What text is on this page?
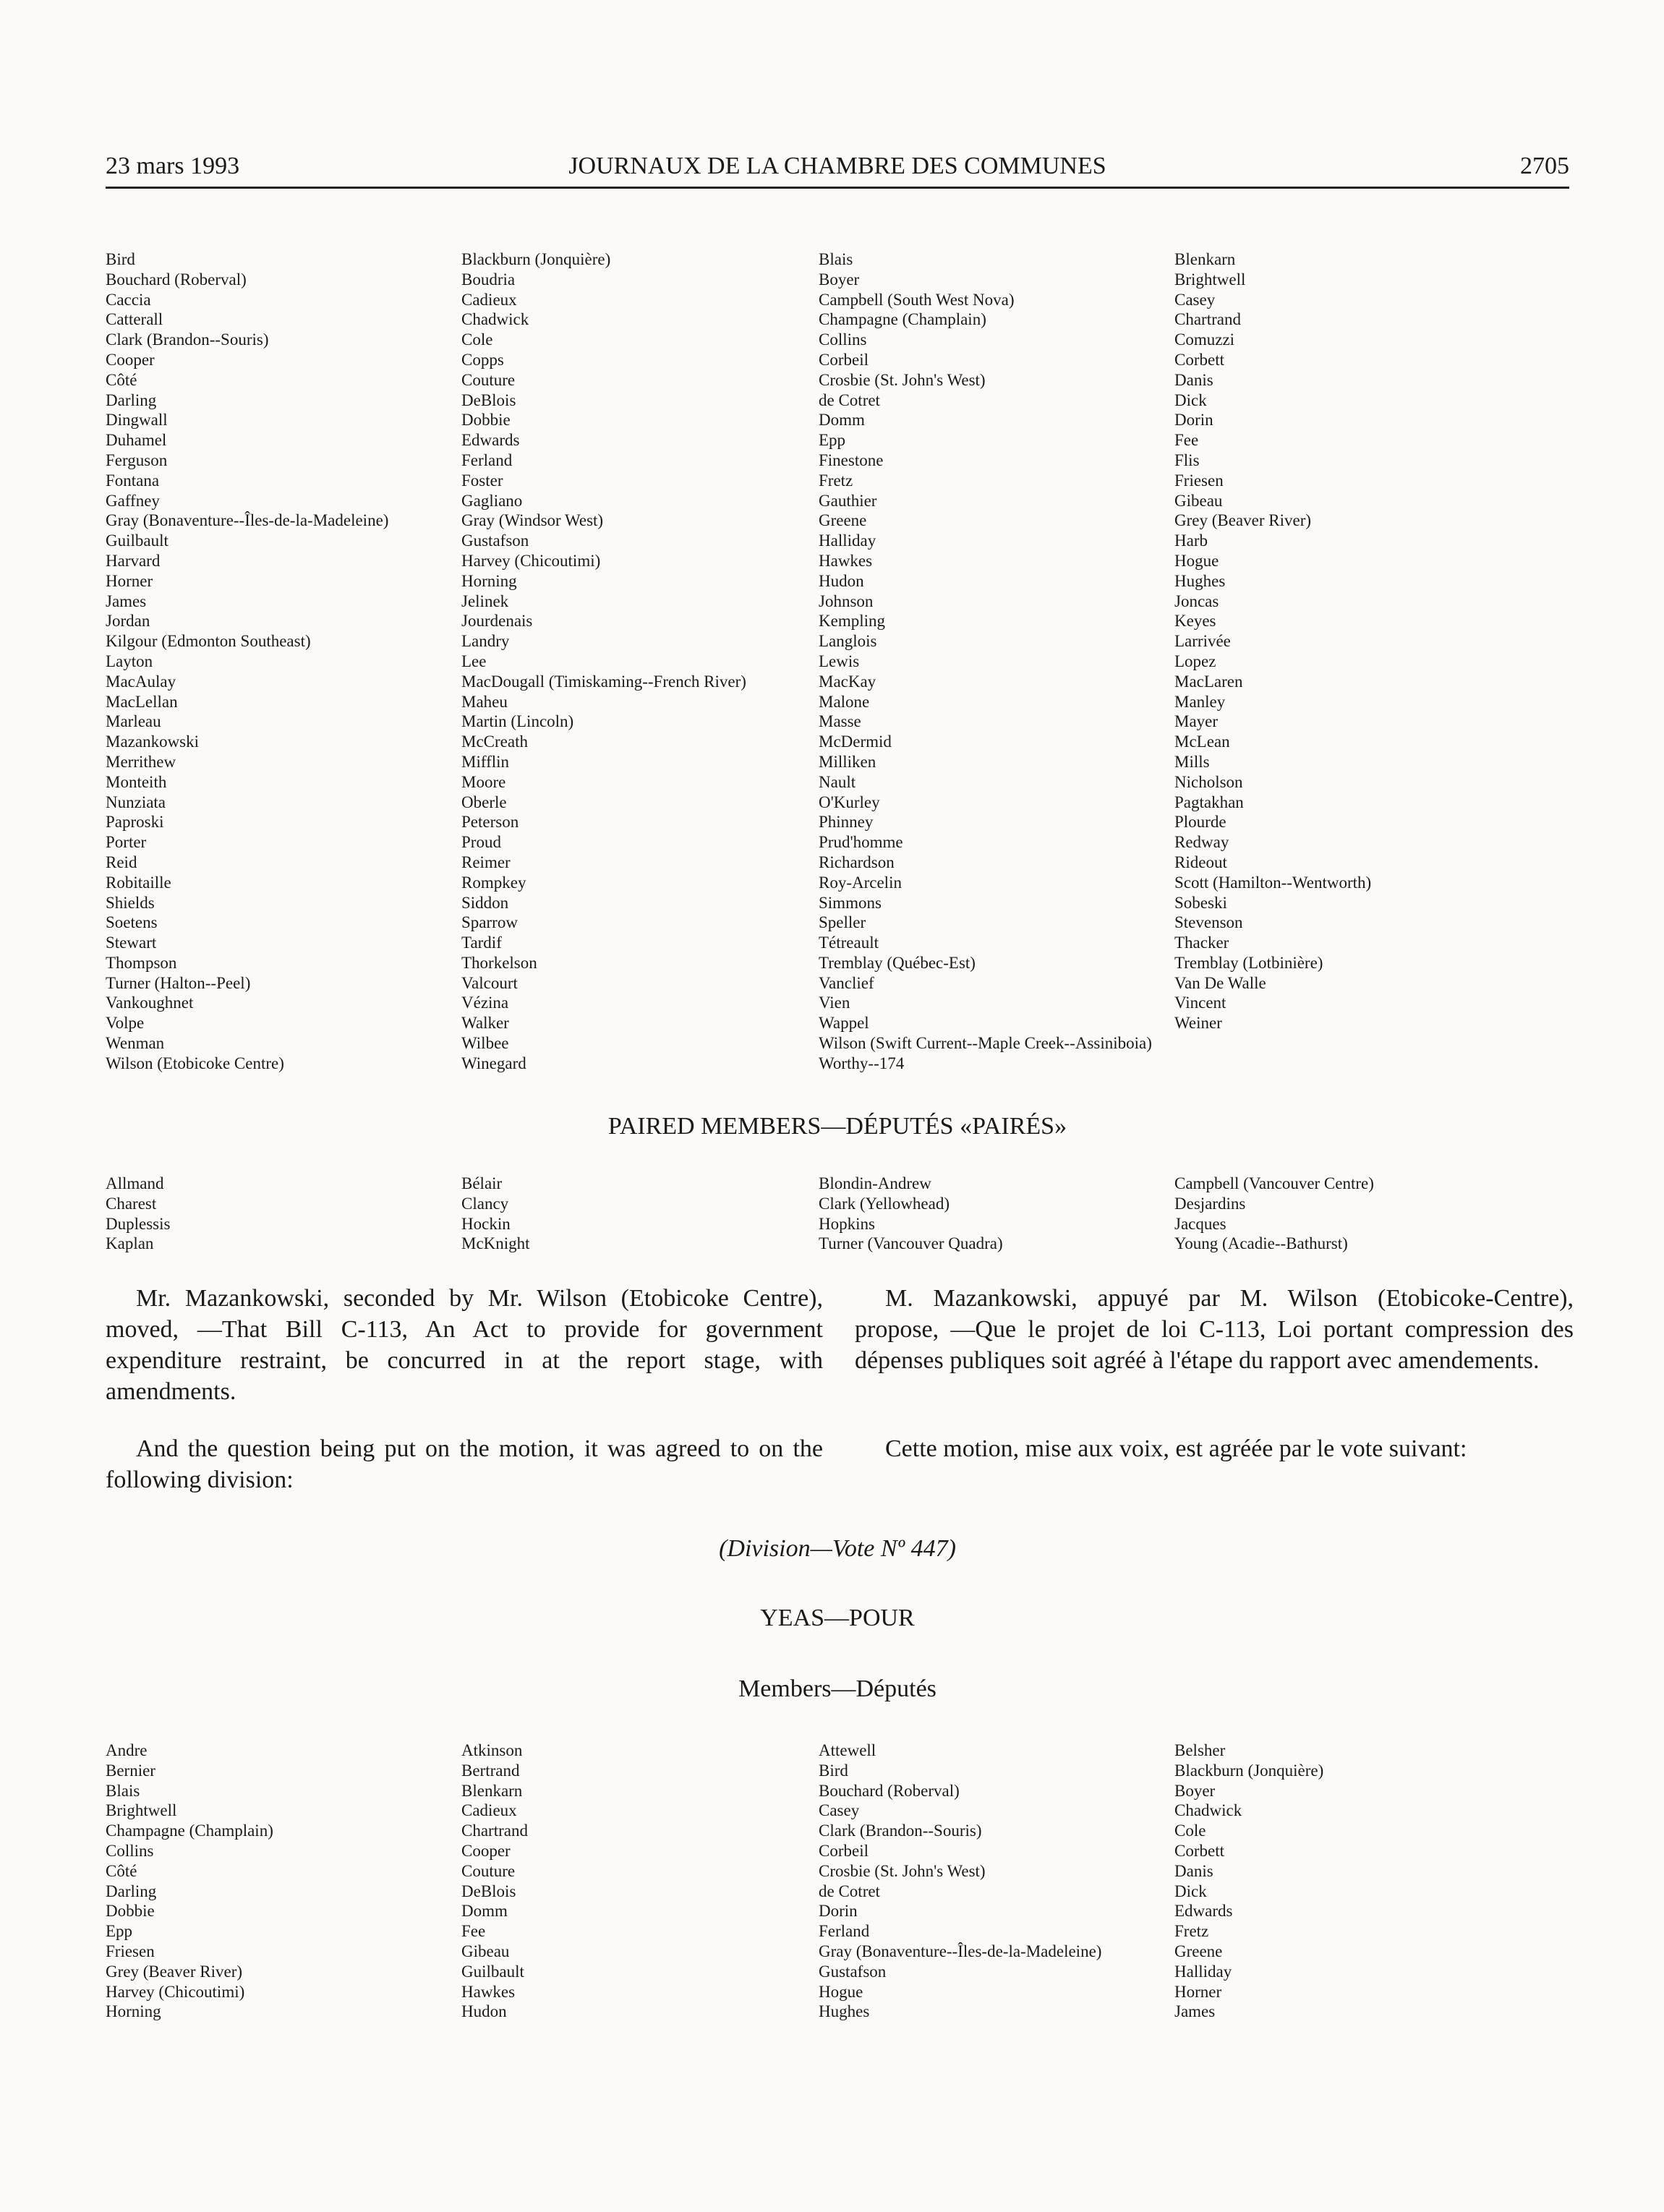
JOURNAUX DE LA CHAMBRE DES COMMUNES
23 mars 1993	2705
Bird
Bouchard (Roberval)
Caccia
Catterall
Clark (Brandon--Souris)
Cooper
Côté
Darling
Dingwall
Duhamel
Ferguson
Fontana
Gaffney
Gray (Bonaventure--Îles-de-la-Madeleine)
Guilbault
Harvard
Horner
James
Jordan
Kilgour (Edmonton Southeast)
Layton
MacAulay
MacLellan
Marleau
Mazankowski
Merrithew
Monteith
Nunziata
Paproski
Porter
Reid
Robitaille
Shields
Soetens
Stewart
Thompson
Turner (Halton--Peel)
Vankoughnet
Volpe
Wenman
Wilson (Etobicoke Centre)
Blackburn (Jonquière)
Boudria
Cadieux
Chadwick
Cole
Copps
Couture
DeBlois
Dobbie
Edwards
Ferland
Foster
Gagliano
Gray (Windsor West)
Gustafson
Harvey (Chicoutimi)
Horning
Jelinek
Jourdenais
Landry
Lee
MacDougall (Timiskaming--French River)
Maheu
Martin (Lincoln)
McCreath
Mifflin
Moore
Oberle
Peterson
Proud
Reimer
Rompkey
Siddon
Sparrow
Tardif
Thorkelson
Valcourt
Vézina
Walker
Wilbee
Winegard
Blais
Boyer
Campbell (South West Nova)
Champagne (Champlain)
Collins
Corbeil
Crosbie (St. John's West)
de Cotret
Domm
Epp
Finestone
Fretz
Gauthier
Greene
Halliday
Hawkes
Hudon
Johnson
Kempling
Langlois
Lewis
MacKay
Malone
Masse
McDermid
Milliken
Nault
O'Kurley
Phinney
Prud'homme
Richardson
Roy-Arcelin
Simmons
Speller
Tétreault
Tremblay (Québec-Est)
Vanclief
Vien
Wappel
Wilson (Swift Current--Maple Creek--Assiniboia)
Worthy--174
Blenkarn
Brightwell
Casey
Chartrand
Comuzzi
Corbett
Danis
Dick
Dorin
Fee
Flis
Friesen
Gibeau
Grey (Beaver River)
Harb
Hogue
Hughes
Joncas
Keyes
Larrivée
Lopez
MacLaren
Manley
Mayer
McLean
Mills
Nicholson
Pagtakhan
Plourde
Redway
Rideout
Scott (Hamilton--Wentworth)
Sobeski
Stevenson
Thacker
Tremblay (Lotbinière)
Van De Walle
Vincent
Weiner
PAIRED MEMBERS—DÉPUTÉS «PAIRÉS»
Allmand
Charest
Duplessis
Kaplan
Bélair
Clancy
Hockin
McKnight
Blondin-Andrew
Clark (Yellowhead)
Hopkins
Turner (Vancouver Quadra)
Campbell (Vancouver Centre)
Desjardins
Jacques
Young (Acadie--Bathurst)

Mr. Mazankowski, seconded by Mr. Wilson (Etobicoke Centre), moved, —That Bill C-113, An Act to provide for government expenditure restraint, be concurred in at the report stage, with amendments.

M. Mazankowski, appuyé par M. Wilson (Etobicoke-Centre), propose, —Que le projet de loi C-113, Loi portant compression des dépenses publiques soit agréé à l'étape du rapport avec amendements.

And the question being put on the motion, it was agreed to on the following division:

Cette motion, mise aux voix, est agréée par le vote suivant:

(Division—Vote Nº 447)
YEAS—POUR
Members—Députés
Andre
Bernier
Blais
Brightwell
Champagne (Champlain)
Collins
Côté
Darling
Dobbie
Epp
Friesen
Grey (Beaver River)
Harvey (Chicoutimi)
Horning
Atkinson
Bertrand
Blenkarn
Cadieux
Chartrand
Cooper
Couture
DeBlois
Domm
Fee
Gibeau
Guilbault
Hawkes
Hudon
Attewell
Bird
Bouchard (Roberval)
Casey
Clark (Brandon--Souris)
Corbeil
Crosbie (St. John's West)
de Cotret
Dorin
Ferland
Gray (Bonaventure--Îles-de-la-Madeleine)
Gustafson
Hogue
Hughes
Belsher
Blackburn (Jonquière)
Boyer
Chadwick
Cole
Corbett
Danis
Dick
Edwards
Fretz
Greene
Halliday
Horner
James
